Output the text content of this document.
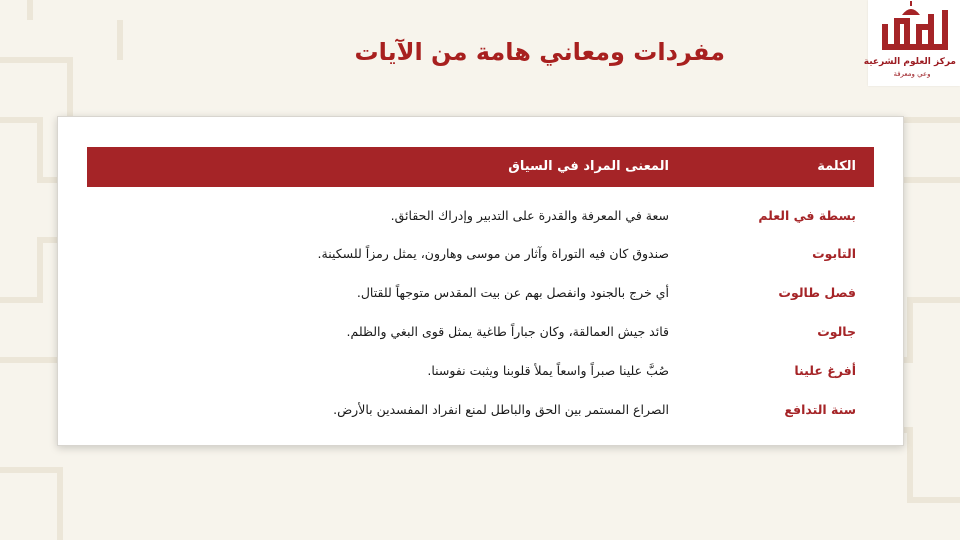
مركز العلوم الشرعية
وعي ومعرفة
مفردات ومعاني هامة من الآيات
الكلمة
المعنى المراد في السياق
بسطة في العلم
سعة في المعرفة والقدرة على التدبير وإدراك الحقائق.
التابوت
صندوق كان فيه التوراة وآثار من موسى وهارون، يمثل رمزاً للسكينة.
فصل طالوت
أي خرج بالجنود وانفصل بهم عن بيت المقدس متوجهاً للقتال.
جالوت
قائد جيش العمالقة، وكان جباراً طاغية يمثل قوى البغي والظلم.
أفرغ علينا
صُبَّ علينا صبراً واسعاً يملأ قلوبنا ويثبت نفوسنا.
سنة التدافع
الصراع المستمر بين الحق والباطل لمنع انفراد المفسدين بالأرض.
